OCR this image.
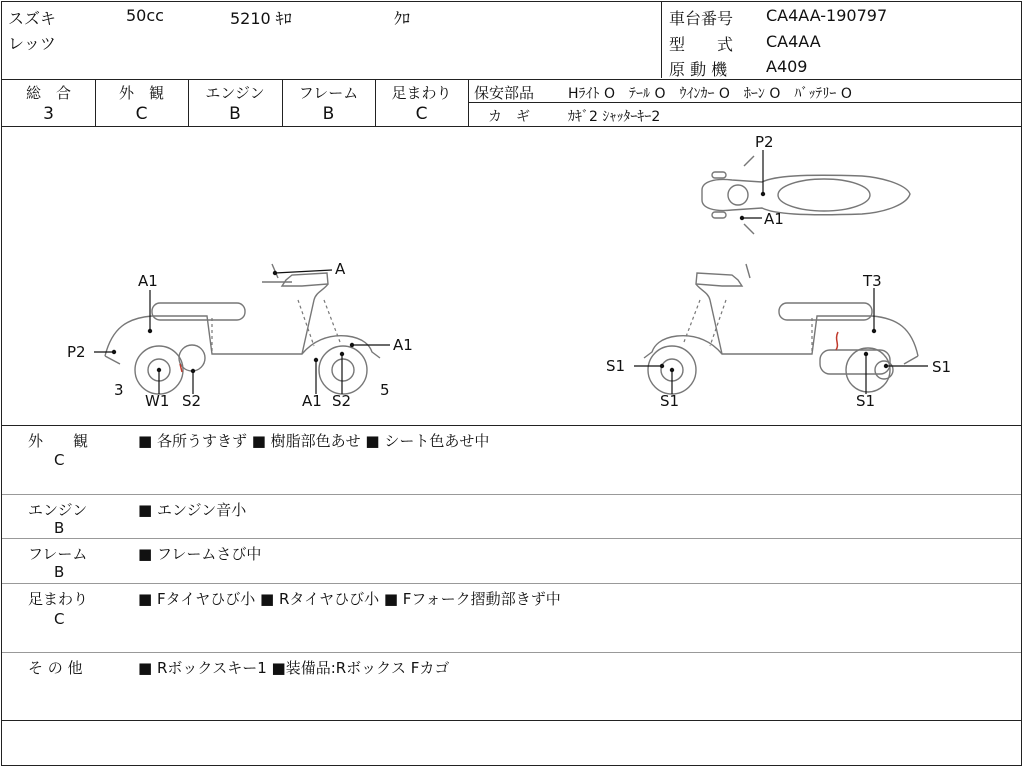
スズキ	50cc	5210 ｷﾛ	ｸﾛ
レッツ
車台番号 CA4AA-190797
型　　式 CA4AA
原 動 機 A409
総　合
3
外　観
C
エンジン
B
フレーム
B
足まわり
C
保安部品 Hﾗｲﾄ O　ﾃｰﾙ O　ｳｲﾝｶｰ O　ﾎｰﾝ O　ﾊﾞｯﾃﾘｰ O
カ　ギ	ｶｷﾞ2 ｼｬｯﾀｰｷｰ2
A
A1
P2	A1
3	5
W1 S2	A1 S2
P2
A1
T3
S1	S1
S1	S1
外　　観
C
■ 各所うすきず ■ 樹脂部色あせ ■ シート色あせ中
エンジン
B
■ エンジン音小
フレーム
B
■ フレームさび中
足まわり
C
■ Fタイヤひび小 ■ Rタイヤひび小 ■ Fフォーク摺動部きず中
そ の 他	■ Rボックスキー1 ■装備品:Rボックス Fカゴ
